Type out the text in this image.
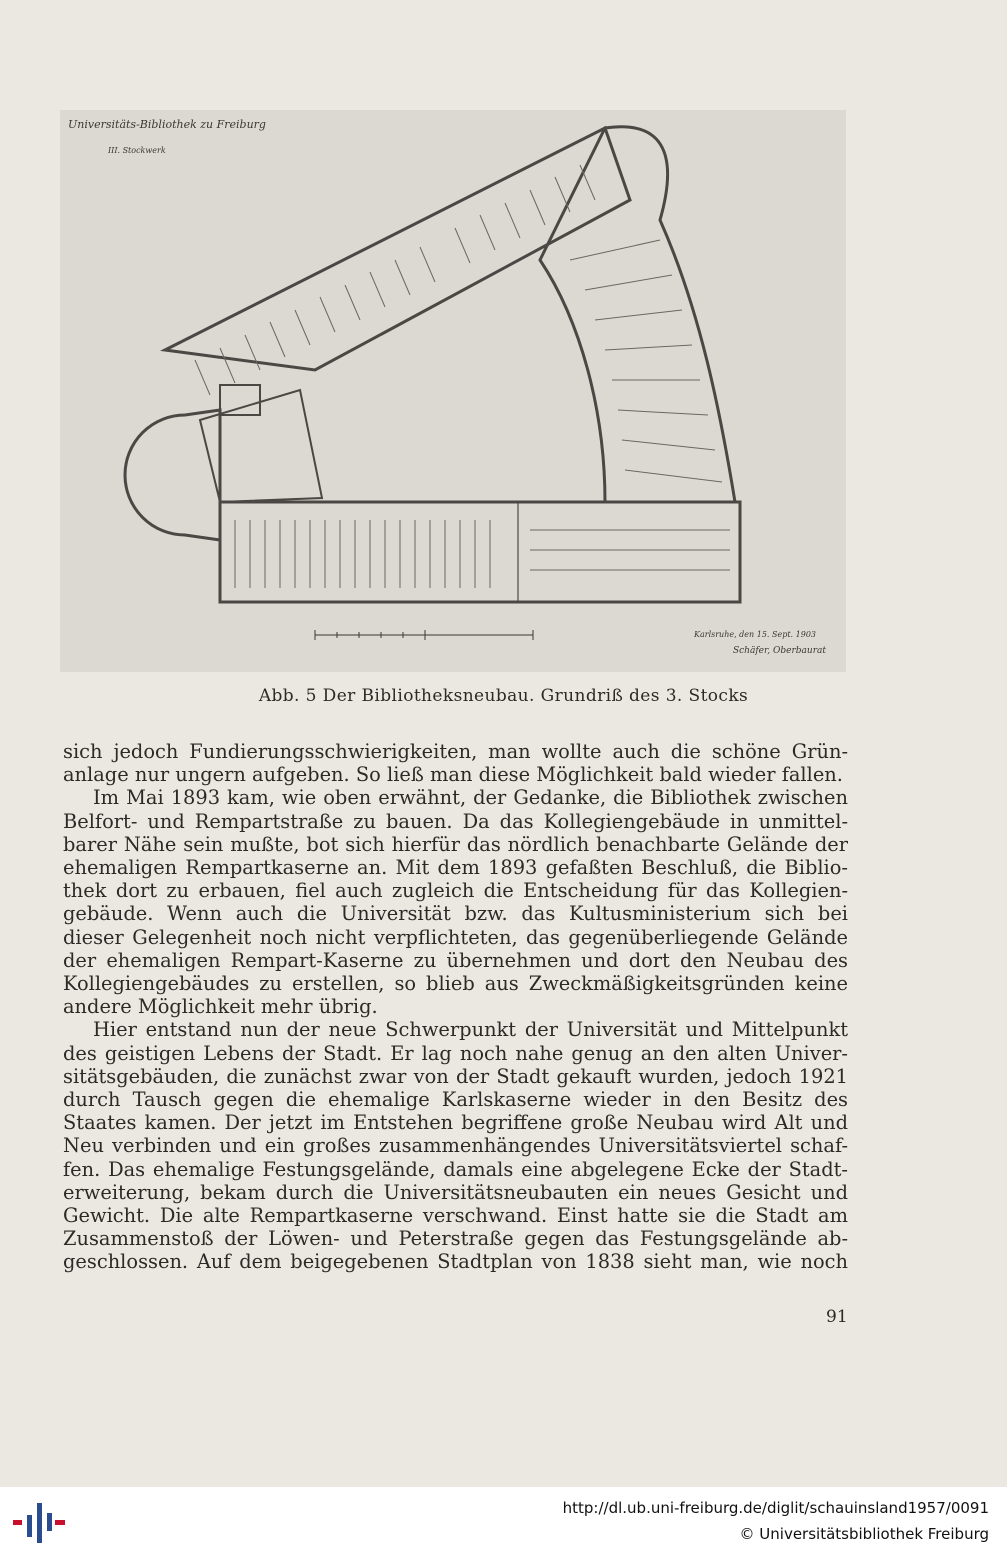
Universitäts-Bibliothek zu Freiburg
III. Stockwerk
Karlsruhe, den 15. Sept. 1903
Schäfer, Oberbaurat
Abb. 5 Der Bibliotheksneubau. Grundriß des 3. Stocks
sich jedoch Fundierungsschwierigkeiten, man wollte auch die schöne Grün-
anlage nur ungern aufgeben. So ließ man diese Möglichkeit bald wieder fallen.
Im Mai 1893 kam, wie oben erwähnt, der Gedanke, die Bibliothek zwischen
Belfort- und Rempartstraße zu bauen. Da das Kollegiengebäude in unmittel-
barer Nähe sein mußte, bot sich hierfür das nördlich benachbarte Gelände der
ehemaligen Rempartkaserne an. Mit dem 1893 gefaßten Beschluß, die Biblio-
thek dort zu erbauen, fiel auch zugleich die Entscheidung für das Kollegien-
gebäude. Wenn auch die Universität bzw. das Kultusministerium sich bei
dieser Gelegenheit noch nicht verpflichteten, das gegenüberliegende Gelände
der ehemaligen Rempart-Kaserne zu übernehmen und dort den Neubau des
Kollegiengebäudes zu erstellen, so blieb aus Zweckmäßigkeitsgründen keine
andere Möglichkeit mehr übrig.
Hier entstand nun der neue Schwerpunkt der Universität und Mittelpunkt
des geistigen Lebens der Stadt. Er lag noch nahe genug an den alten Univer-
sitätsgebäuden, die zunächst zwar von der Stadt gekauft wurden, jedoch 1921
durch Tausch gegen die ehemalige Karlskaserne wieder in den Besitz des
Staates kamen. Der jetzt im Entstehen begriffene große Neubau wird Alt und
Neu verbinden und ein großes zusammenhängendes Universitätsviertel schaf-
fen. Das ehemalige Festungsgelände, damals eine abgelegene Ecke der Stadt-
erweiterung, bekam durch die Universitätsneubauten ein neues Gesicht und
Gewicht. Die alte Rempartkaserne verschwand. Einst hatte sie die Stadt am
Zusammenstoß der Löwen- und Peterstraße gegen das Festungsgelände ab-
geschlossen. Auf dem beigegebenen Stadtplan von 1838 sieht man, wie noch
91
http://dl.ub.uni-freiburg.de/diglit/schauinsland1957/0091
© Universitätsbibliothek Freiburg
